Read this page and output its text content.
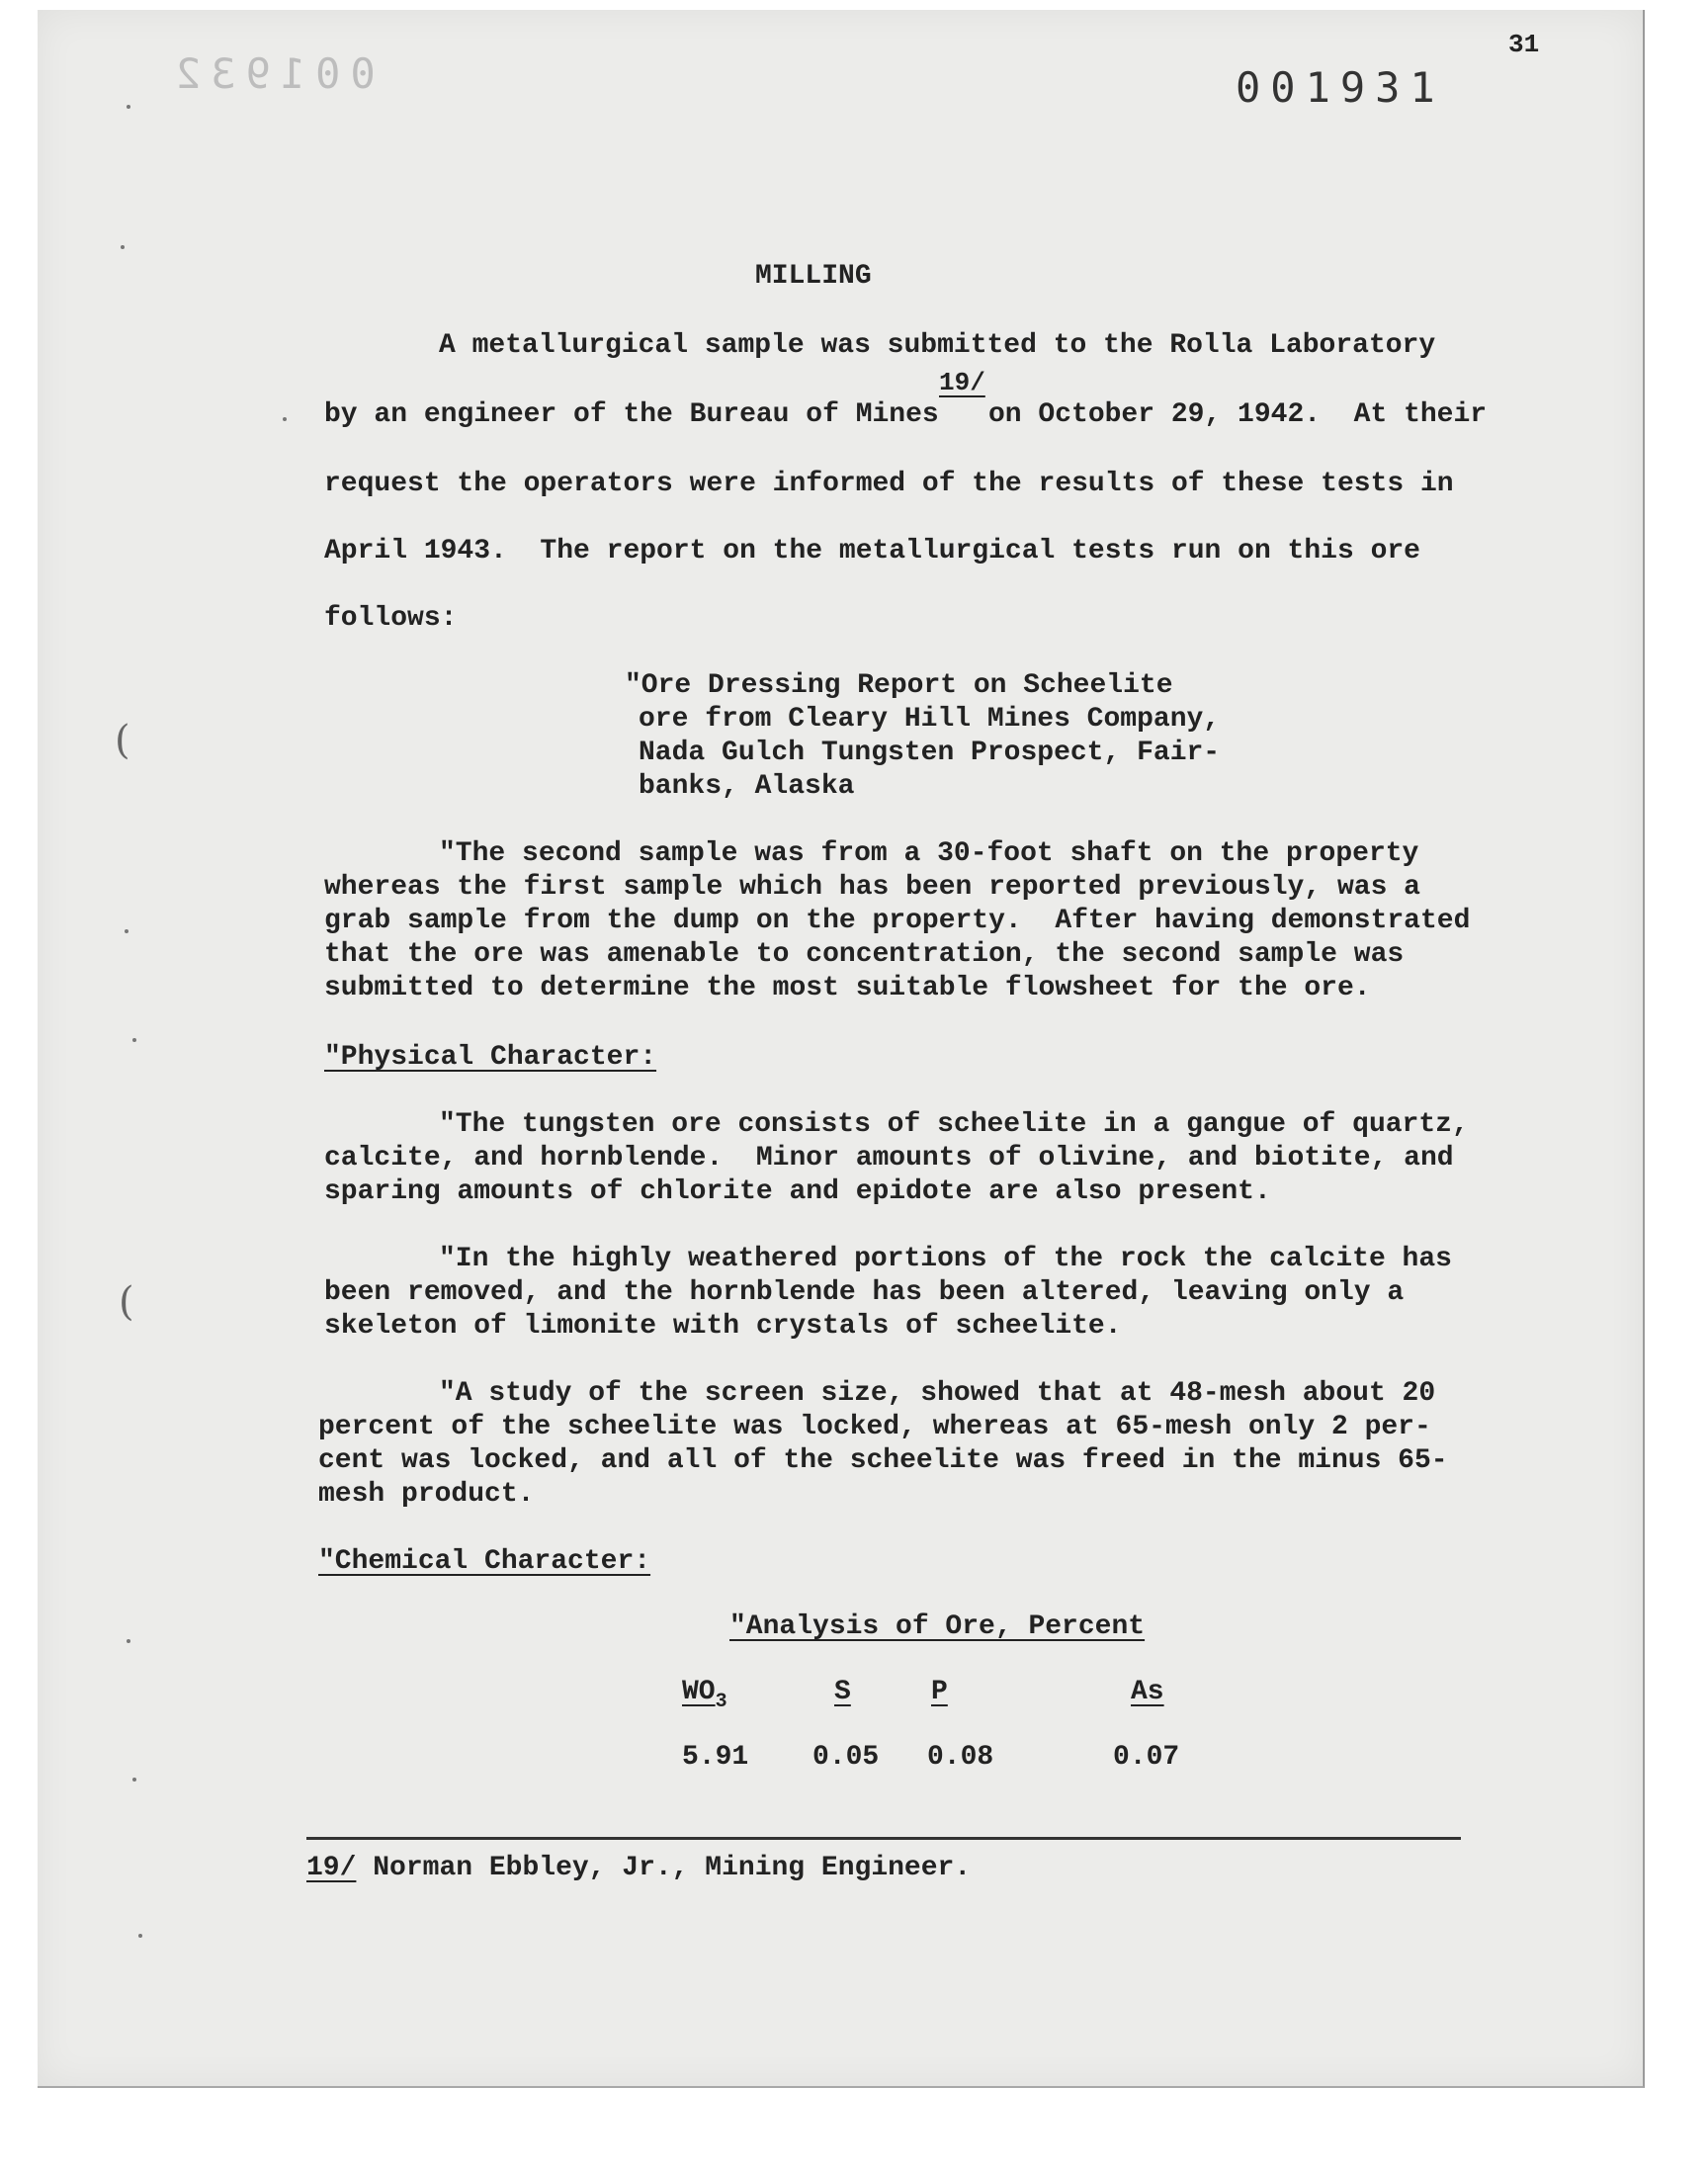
001932	001931
31
MILLING
A metallurgical sample was submitted to the Rolla Laboratory
19/
by an engineer of the Bureau of Mines on October 29, 1942.  At their
request the operators were informed of the results of these tests in
April 1943.  The report on the metallurgical tests run on this ore
follows:
"Ore Dressing Report on Scheelite
ore from Cleary Hill Mines Company,
Nada Gulch Tungsten Prospect, Fair-
banks, Alaska
"The second sample was from a 30-foot shaft on the property
whereas the first sample which has been reported previously, was a
grab sample from the dump on the property.  After having demonstrated
that the ore was amenable to concentration, the second sample was
submitted to determine the most suitable flowsheet for the ore.
"Physical Character:
"The tungsten ore consists of scheelite in a gangue of quartz,
calcite, and hornblende.  Minor amounts of olivine, and biotite, and
sparing amounts of chlorite and epidote are also present.
"In the highly weathered portions of the rock the calcite has
been removed, and the hornblende has been altered, leaving only a
skeleton of limonite with crystals of scheelite.
"A study of the screen size, showed that at 48-mesh about 20
percent of the scheelite was locked, whereas at 65-mesh only 2 per-
cent was locked, and all of the scheelite was freed in the minus 65-
mesh product.
"Chemical Character:
"Analysis of Ore, Percent
$WO_3$	S	P	As
5.91 0.05 0.08	0.07
19/ Norman Ebbley, Jr., Mining Engineer.
(
(
